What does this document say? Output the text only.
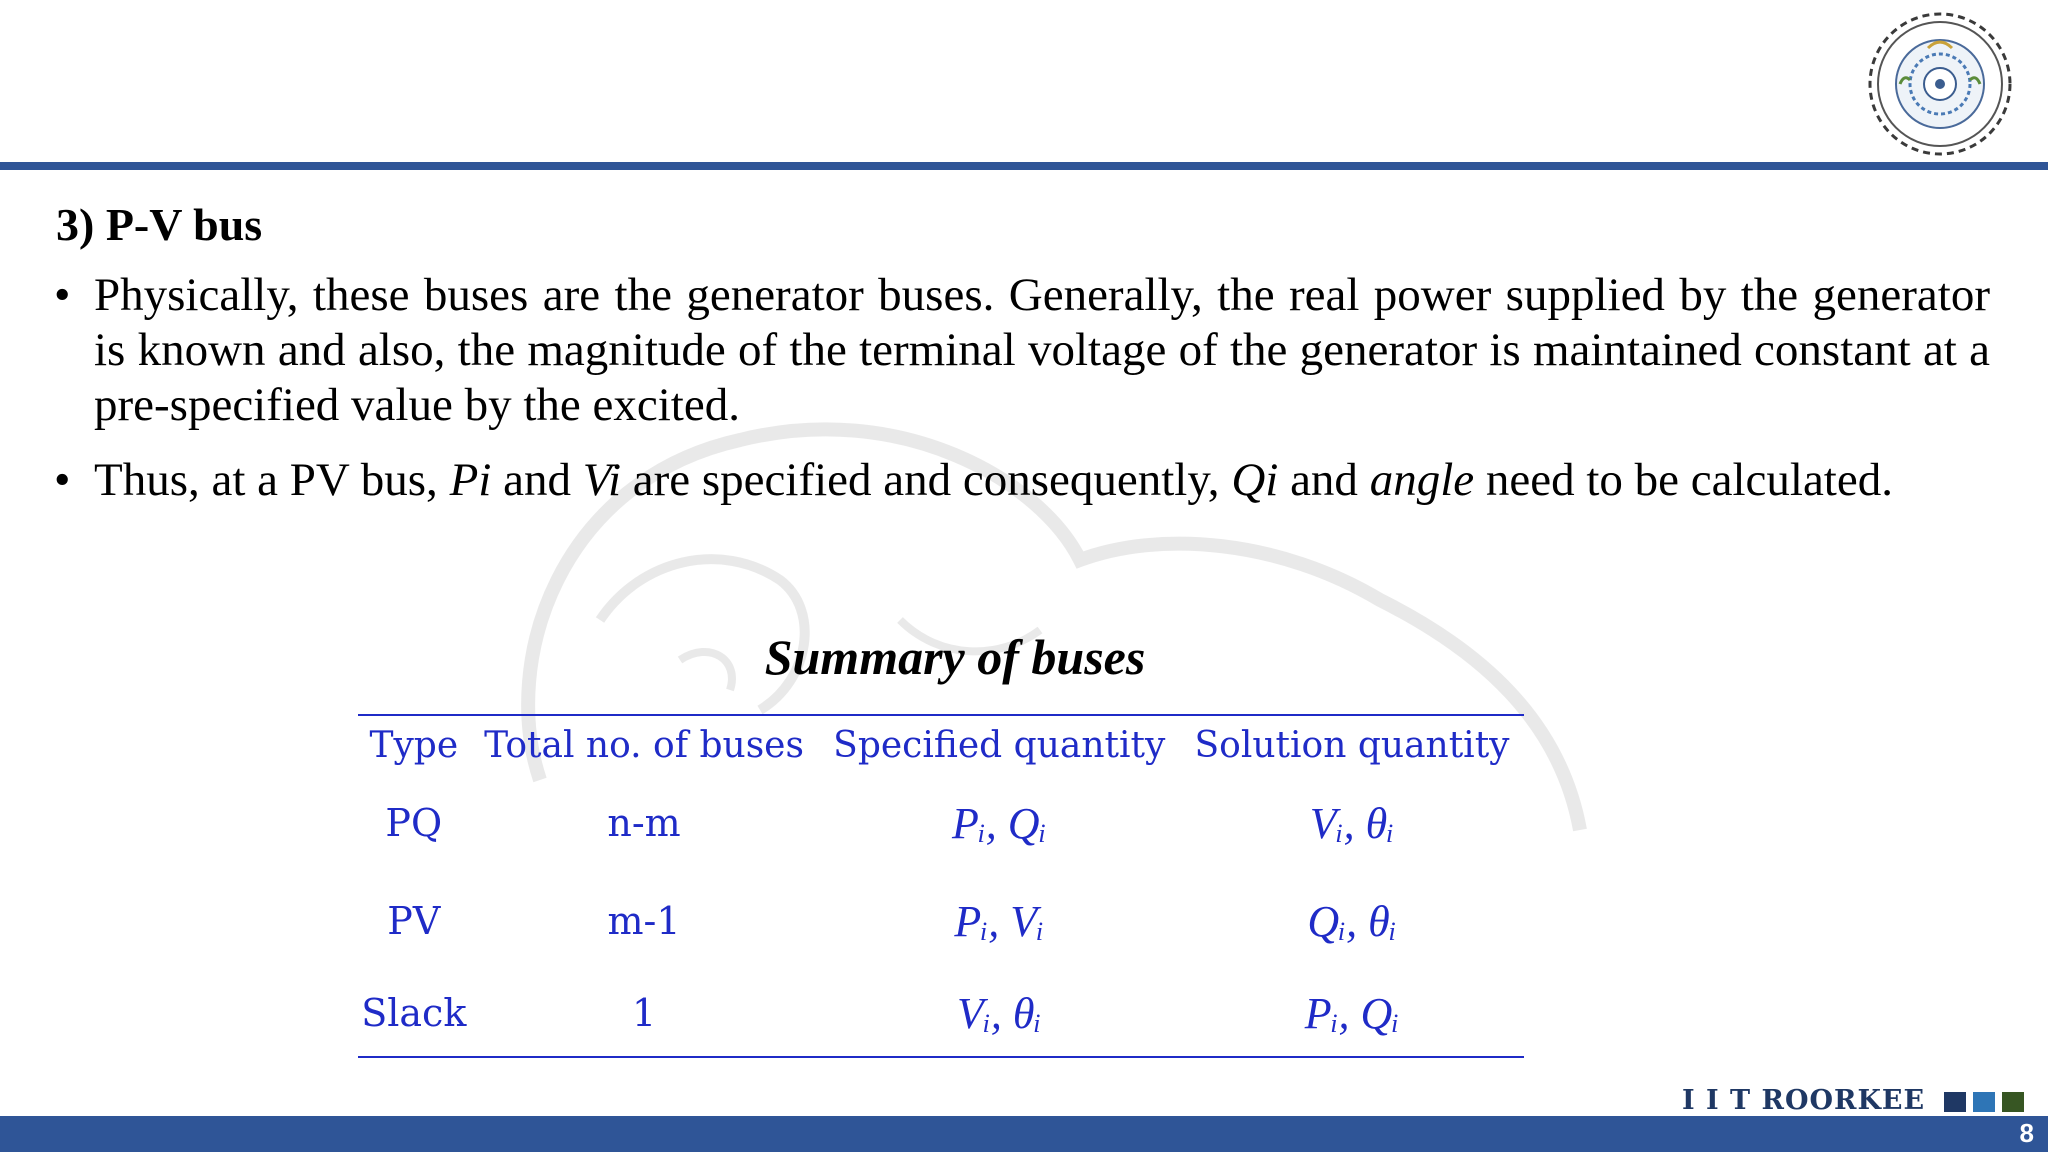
3) P-V bus
• Physically, these buses are the generator buses. Generally, the real power supplied by the generator is known and also, the magnitude of the terminal voltage of the generator is maintained constant at a pre-specified value by the excited.
• Thus, at a PV bus, Pi and Vi are specified and consequently, Qi and angle need to be calculated.
Summary of buses
Type	Total no. of buses	Specified quantity	Solution quantity
PQ	n-m	Pᵢ, Qᵢ	Vᵢ, θᵢ
PV	m-1	Pᵢ, Vᵢ	Qᵢ, θᵢ
Slack	1	Vᵢ, θᵢ	Pᵢ, Qᵢ
I I T ROORKEE
8
